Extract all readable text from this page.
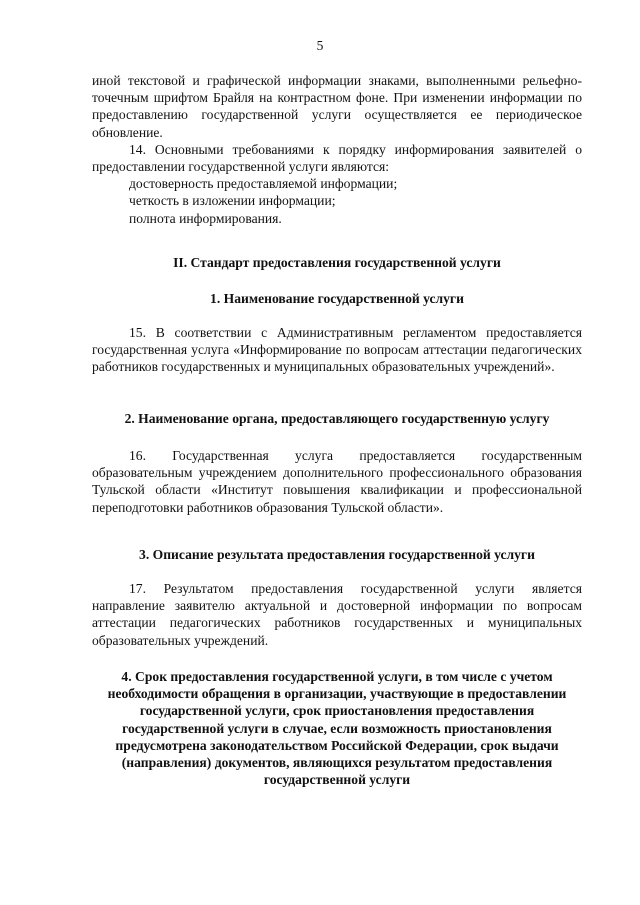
5

иной текстовой и графической информации знаками, выполненными рельефно-точечным шрифтом Брайля на контрастном фоне. При изменении информации по предоставлению государственной услуги осуществляется ее периодическое обновление.

14. Основными требованиями к порядку информирования заявителей о предоставлении государственной услуги являются:

достоверность предоставляемой информации;

четкость в изложении информации;

полнота информирования.

II. Стандарт предоставления государственной услуги

1. Наименование государственной услуги

15. В соответствии с Административным регламентом предоставляется государственная услуга «Информирование по вопросам аттестации педагогических работников государственных и муниципальных образовательных учреждений».

2. Наименование органа, предоставляющего государственную услугу

16. Государственная услуга предоставляется государственным образовательным учреждением дополнительного профессионального образования Тульской области «Институт повышения квалификации и профессиональной переподготовки работников образования Тульской области».

3. Описание результата предоставления государственной услуги

17. Результатом предоставления государственной услуги является направление заявителю актуальной и достоверной информации по вопросам аттестации педагогических работников государственных и муниципальных образовательных учреждений.

4. Срок предоставления государственной услуги, в том числе с учетом необходимости обращения в организации, участвующие в предоставлении государственной услуги, срок приостановления предоставления государственной услуги в случае, если возможность приостановления предусмотрена законодательством Российской Федерации, срок выдачи (направления) документов, являющихся результатом предоставления государственной услуги
